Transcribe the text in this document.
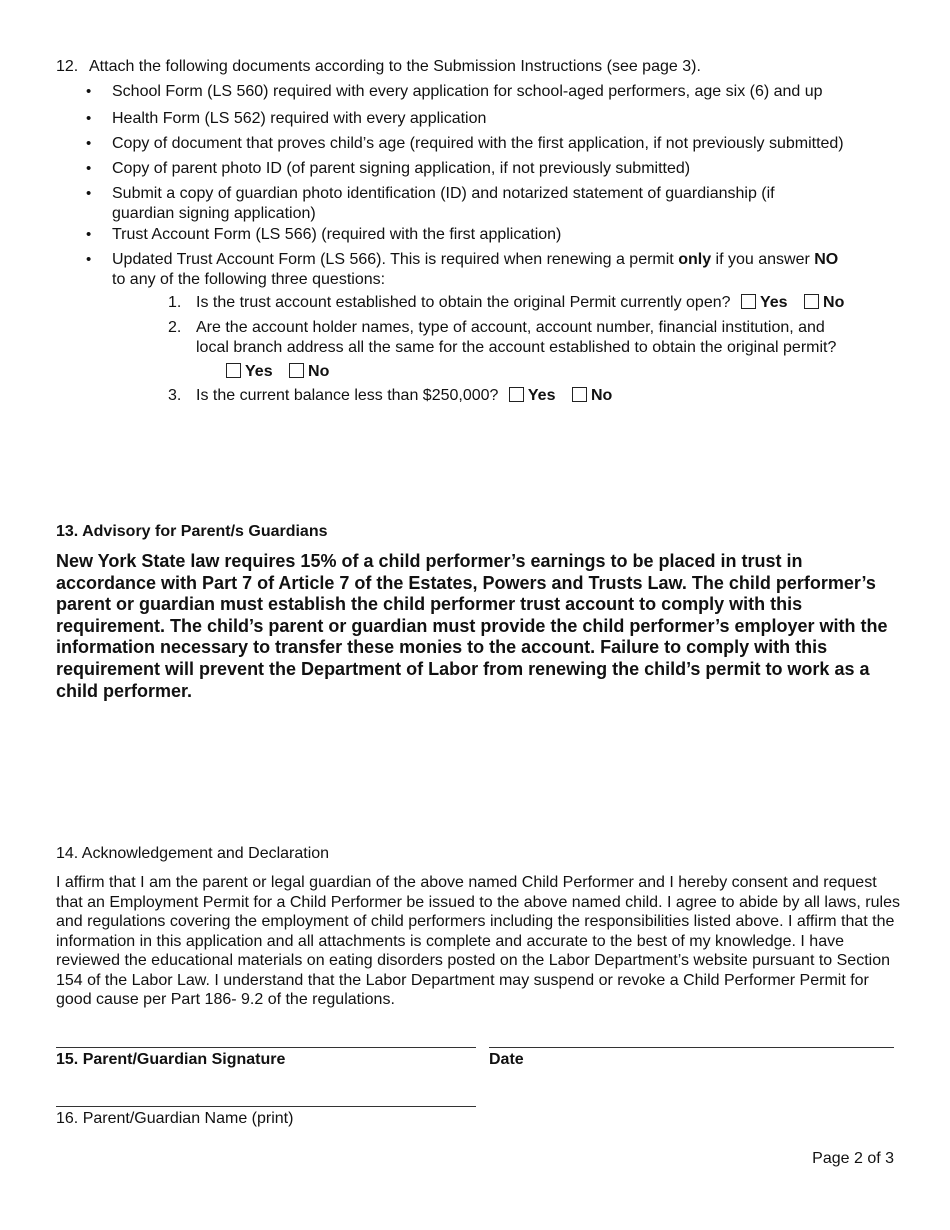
12. Attach the following documents according to the Submission Instructions (see page 3).
• School Form (LS 560) required with every application for school-aged performers, age six (6) and up
• Health Form (LS 562) required with every application
• Copy of document that proves child’s age (required with the first application, if not previously submitted)
• Copy of parent photo ID (of parent signing application, if not previously submitted)
• Submit a copy of guardian photo identification (ID) and notarized statement of guardianship (if
guardian signing application)
• Trust Account Form (LS 566) (required with the first application)
• Updated Trust Account Form (LS 566). This is required when renewing a permit only if you answer NO
to any of the following three questions:
1. Is the trust account established to obtain the original Permit currently open? Yes No
2. Are the account holder names, type of account, account number, financial institution, and
local branch address all the same for the account established to obtain the original permit?
Yes No
3. Is the current balance less than $250,000? Yes No
13. Advisory for Parent/s Guardians
New York State law requires 15% of a child performer’s earnings to be placed in trust in accordance with Part 7 of Article 7 of the Estates, Powers and Trusts Law. The child performer’s parent or guardian must establish the child performer trust account to comply with this requirement. The child’s parent or guardian must provide the child performer’s employer with the information necessary to transfer these monies to the account. Failure to comply with this requirement will prevent the Department of Labor from renewing the child’s permit to work as a child performer.
14. Acknowledgement and Declaration
I affirm that I am the parent or legal guardian of the above named Child Performer and I hereby consent and request that an Employment Permit for a Child Performer be issued to the above named child. I agree to abide by all laws, rules and regulations covering the employment of child performers including the responsibilities listed above. I affirm that the information in this application and all attachments is complete and accurate to the best of my knowledge. I have reviewed the educational materials on eating disorders posted on the Labor Department’s website pursuant to Section 154 of the Labor Law. I understand that the Labor Department may suspend or revoke a Child Performer Permit for good cause per Part 186- 9.2 of the regulations.
15. Parent/Guardian Signature	Date
16. Parent/Guardian Name (print)
Page 2 of 3
